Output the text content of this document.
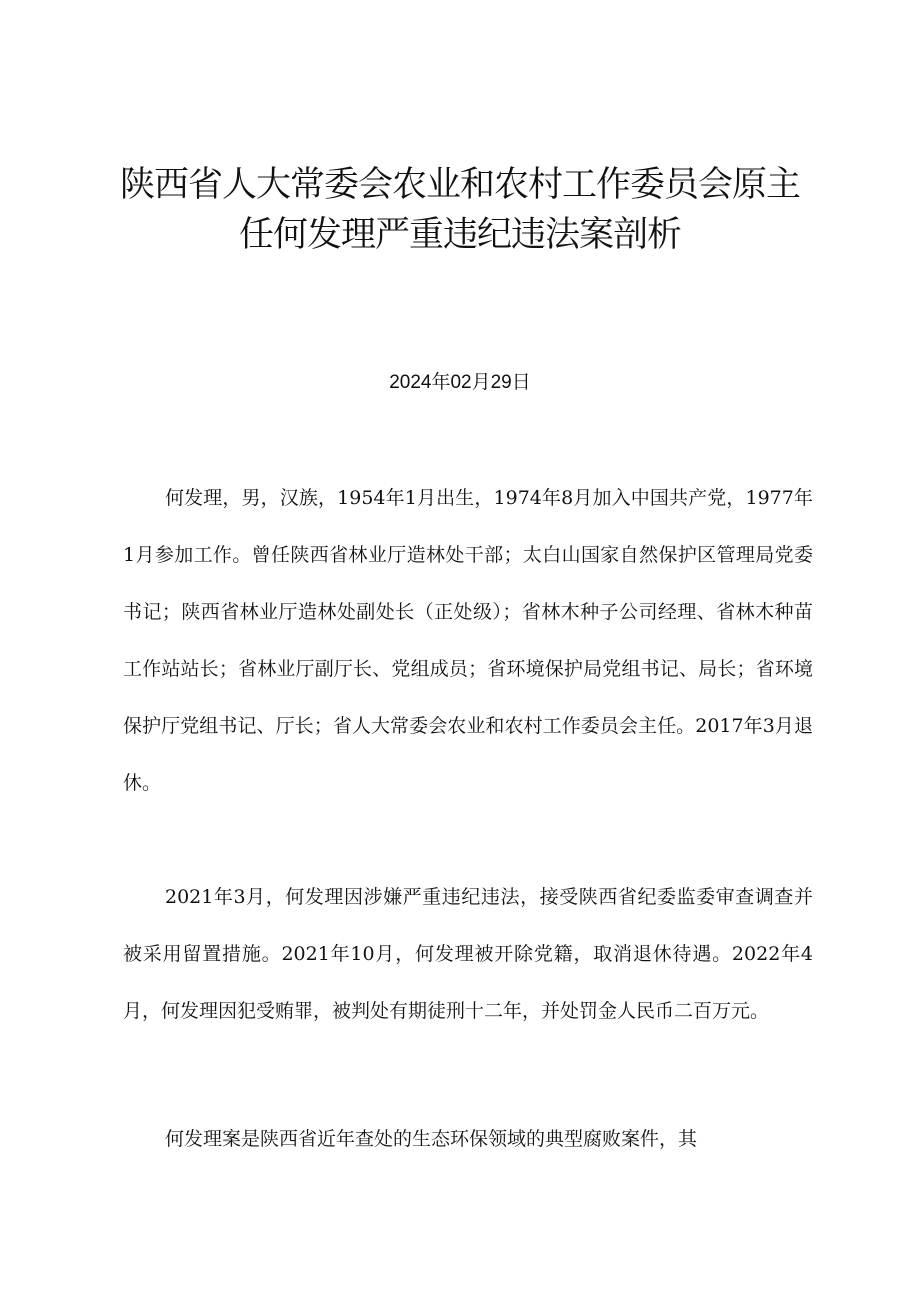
陕西省人大常委会农业和农村工作委员会原主
任何发理严重违纪违法案剖析
2024年02月29日

何发理，男，汉族，1954年1月出生，1974年8月加入中国共产党，1977年1月参加工作。曾任陕西省林业厅造林处干部；太白山国家自然保护区管理局党委书记；陕西省林业厅造林处副处长（正处级）；省林木种子公司经理、省林木种苗工作站站长；省林业厅副厅长、党组成员；省环境保护局党组书记、局长；省环境保护厅党组书记、厅长；省人大常委会农业和农村工作委员会主任。2017年3月退休。

2021年3月，何发理因涉嫌严重违纪违法，接受陕西省纪委监委审查调查并被采用留置措施。2021年10月，何发理被开除党籍，取消退休待遇。2022年4月，何发理因犯受贿罪，被判处有期徒刑十二年，并处罚金人民币二百万元。

何发理案是陕西省近年查处的生态环保领域的典型腐败案件，其
